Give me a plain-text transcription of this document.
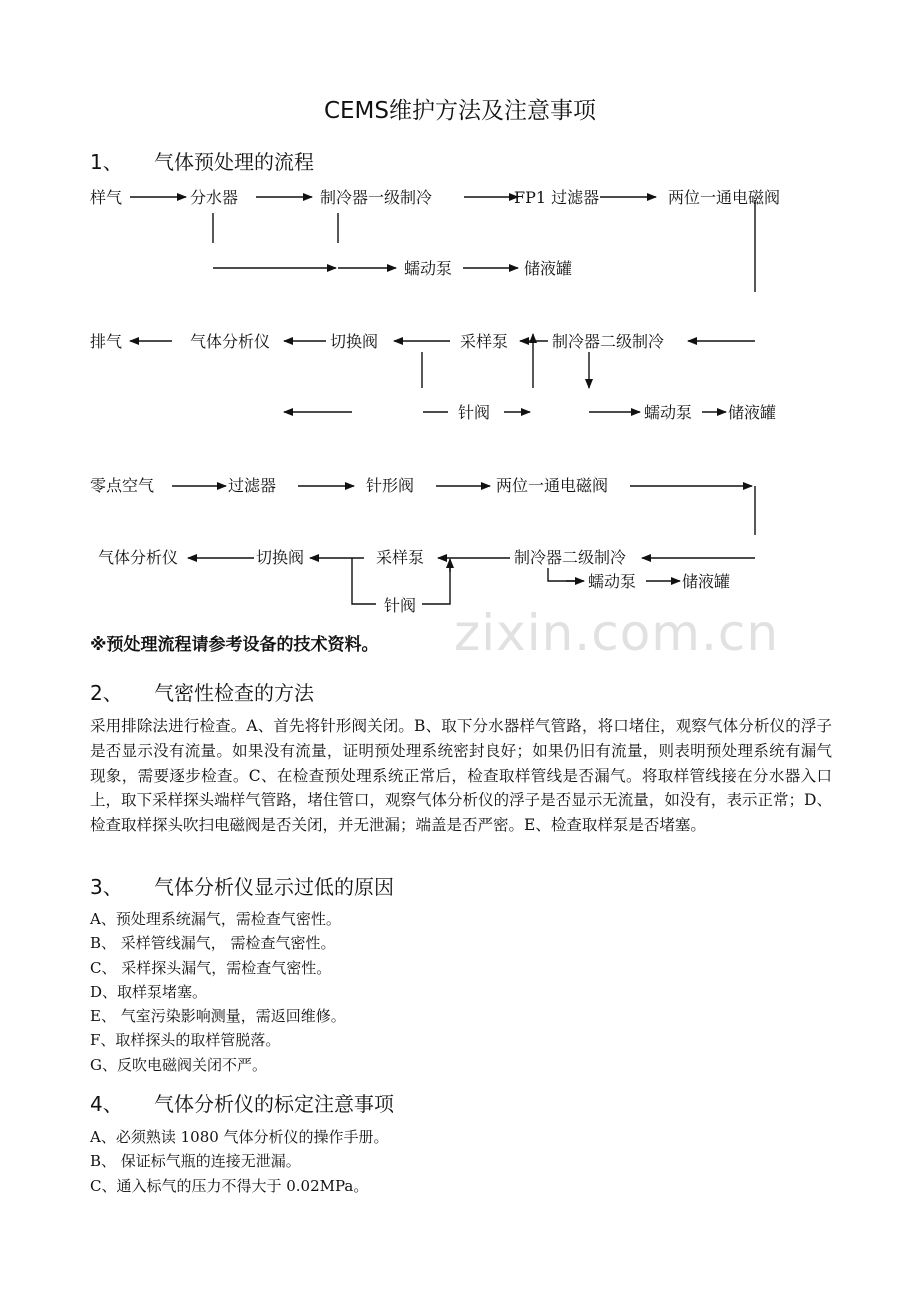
CEMS维护方法及注意事项
1、 气体预处理的流程
样气	分水器	制冷器一级制冷	FP1 过滤器	两位一通电磁阀
蠕动泵	储液罐
排气	气体分析仪	切换阀	采样泵	制冷器二级制冷
针阀	蠕动泵 储液罐
零点空气	过滤器	针形阀	两位一通电磁阀
气体分析仪	切换阀	采样泵	制冷器二级制冷
蠕动泵	储液罐
针阀 zixin.com.cn
※预处理流程请参考设备的技术资料。
2、 气密性检查的方法
采用排除法进行检查。A、首先将针形阀关闭。B、取下分水器样气管路，将口堵住，观察气体分析仪的浮子是否显示没有流量。如果没有流量，证明预处理系统密封良好；如果仍旧有流量，则表明预处理系统有漏气现象，需要逐步检查。C、在检查预处理系统正常后，检查取样管线是否漏气。将取样管线接在分水器入口上，取下采样探头端样气管路，堵住管口，观察气体分析仪的浮子是否显示无流量，如没有，表示正常；D、检查取样探头吹扫电磁阀是否关闭，并无泄漏；端盖是否严密。E、检查取样泵是否堵塞。
3、 气体分析仪显示过低的原因
A、预处理系统漏气，需检查气密性。
B、 采样管线漏气， 需检查气密性。
C、 采样探头漏气，需检查气密性。
D、取样泵堵塞。
E、 气室污染影响测量，需返回维修。
F、取样探头的取样管脱落。
G、反吹电磁阀关闭不严。
4、 气体分析仪的标定注意事项
A、必须熟读 1080 气体分析仪的操作手册。
B、 保证标气瓶的连接无泄漏。
C、通入标气的压力不得大于 0.02MPa。
